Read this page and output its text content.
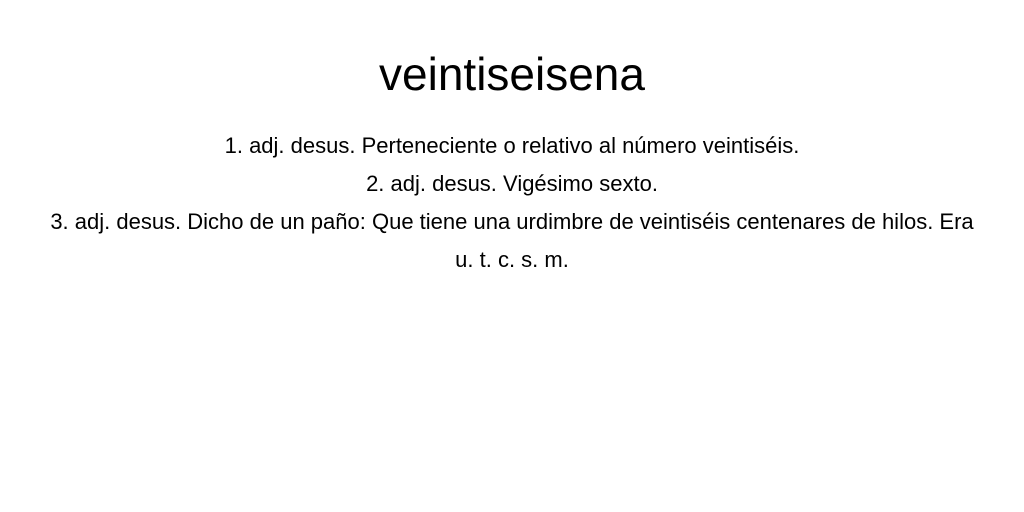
veintiseisena
1. adj. desus. Perteneciente o relativo al número veintiséis.
2. adj. desus. Vigésimo sexto.
3. adj. desus. Dicho de un paño: Que tiene una urdimbre de veintiséis centenares de hilos. Era u. t. c. s. m.
